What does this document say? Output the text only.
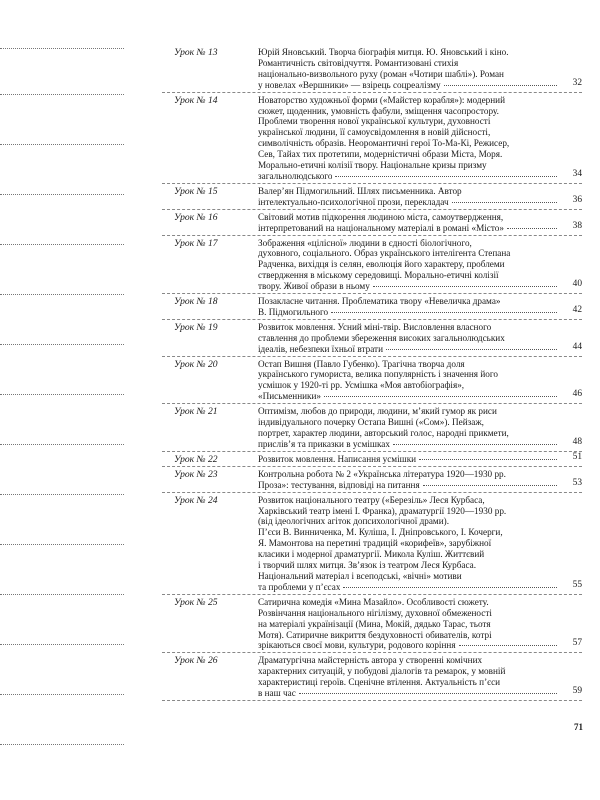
Урок № 13	Юрій Яновський. Творча біографія митця. Ю. Яновський і кіно.
Романтичність світовідчуття. Романтизовані стихія
національно-визвольного руху (роман «Чотири шаблі»). Роман
у новелах «Вершники» — взірець соцреалізму	32
Урок № 14	Новаторство художньої форми («Майстер корабля»): модерний
сюжет, щоденник, умовність фабули, зміщення часопростору.
Проблеми творення нової української культури, духовності
української людини, її самоусвідомлення в новій дійсності,
символічність образів. Неоромантичні герої То-Ма-Кі, Режисер,
Сев, Тайах тих протетипи, модерністичні образи Міста, Моря.
Морально-етичні колізії твору. Національне кризы призму
загальнолюдського	34
Урок № 15	Валер’ян Підмогильний. Шлях письменника. Автор
інтелектуально-психологічної прози, перекладач	36
Урок № 16	Світовий мотив підкорення людиною міста, самоутвердження,
інтерпретований на національному матеріалі в романі «Місто»	38
Урок № 17	Зображення «цілісної» людини в єдності біологічного,
духовного, соціального. Образ українського інтелігента Степана
Радченка, вихідця із селян, еволюція його характеру, проблеми
ствердження в міському середовищі. Морально-етичні колізії
твору. Живої образи в ньому	40
Урок № 18	Позакласне читання. Проблематика твору «Невеличка драма»
В. Підмогильного	42
Урок № 19	Розвиток мовлення. Усний міні-твір. Висловлення власного
ставлення до проблеми збереження високих загальнолюдських
ідеалів, небезпеки їхньої втрати	44
Урок № 20	Остап Вишня (Павло Губенко). Трагічна творча доля
українського гумориста, велика популярність і значення його
усмішок у 1920-ті рр. Усмішка «Моя автобіографія»,
«Письменники»	46
Урок № 21	Оптимізм, любов до природи, людини, м’який гумор як риси
індивідуального почерку Остапа Вишні («Сом»). Пейзаж,
портрет, характер людини, авторський голос, народні прикмети,
прислів’я та приказки в усмішках	48
Урок № 22	Розвиток мовлення. Написання усмішки	51
Урок № 23	Контрольна робота № 2 «Українська література 1920—1930 рр.
Проза»: тестування, відповіді на питання	53
Урок № 24	Розвиток національного театру («Березіль» Леся Курбаса,
Харківський театр імені І. Франка), драматургії 1920—1930 рр.
(від ідеологічних агіток допсихологічної драми).
П’єси В. Винниченка, М. Куліша, І. Дніпровського, І. Кочерги,
Я. Мамонтова на перетині традицій «корифеїв», зарубіжної
класики і модерної драматургії. Микола Куліш. Життєвий
і творчий шлях митця. Зв’язок із театром Леся Курбаса.
Національний матеріал і всеподські, «вічні» мотиви
та проблеми у п’єсах	55
Урок № 25	Сатирична комедія «Мина Мазайло». Особливості сюжету.
Розвінчання національного нігілізму, духовної обмеженості
на матеріалі українізації (Мина, Мокій, дядько Тарас, тьотя
Мотя). Сатиричне викриття бездуховності обивателів, котрі
зрікаються своєї мови, культури, родового коріння	57
Урок № 26	Драматургічна майстерність автора у створенні комічних
характерних ситуацій, у побудові діалогів та ремарок, у мовній
характеристиці героїв. Сценічне втілення. Актуальність п’єси
в наш час	59
71
